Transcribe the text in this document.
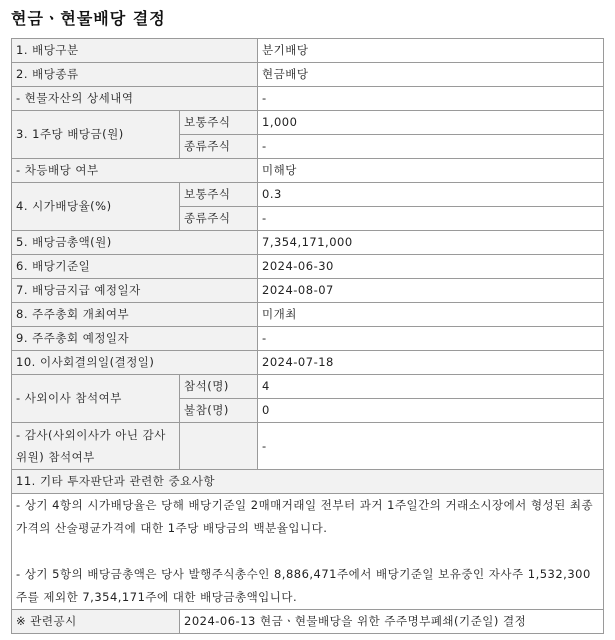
현금ㆍ현물배당 결정
1. 배당구분		분기배당
2. 배당종류		현금배당
- 현물자산의 상세내역		-
3. 1주당 배당금(원)	보통주식	1,000
	종류주식	-
- 차등배당 여부		미해당
4. 시가배당율(%)	보통주식	0.3
	종류주식	-
5. 배당금총액(원)		7,354,171,000
6. 배당기준일		2024-06-30
7. 배당금지급 예정일자		2024-08-07
8. 주주총회 개최여부		미개최
9. 주주총회 예정일자		-
10. 이사회결의일(결정일)		2024-07-18
- 사외이사 참석여부	참석(명)	4
	불참(명)	0
- 감사(사외이사가 아닌 감사위원) 참석여부		-
11. 기타 투자판단과 관련한 중요사항		

- 상기 4항의 시가배당율은 당해 배당기준일 2매매거래일 전부터 과거 1주일간의 거래소시장에서 형성된 최종가격의 산술평균가격에 대한 1주당 배당금의 백분율입니다.

- 상기 5항의 배당금총액은 당사 발행주식총수인 8,886,471주에서 배당기준일 보유중인 자사주 1,532,300주를 제외한 7,354,171주에 대한 배당금총액입니다.		

※ 관련공시	2024-06-13 현금ㆍ현물배당을 위한 주주명부폐쇄(기준일) 결정	
